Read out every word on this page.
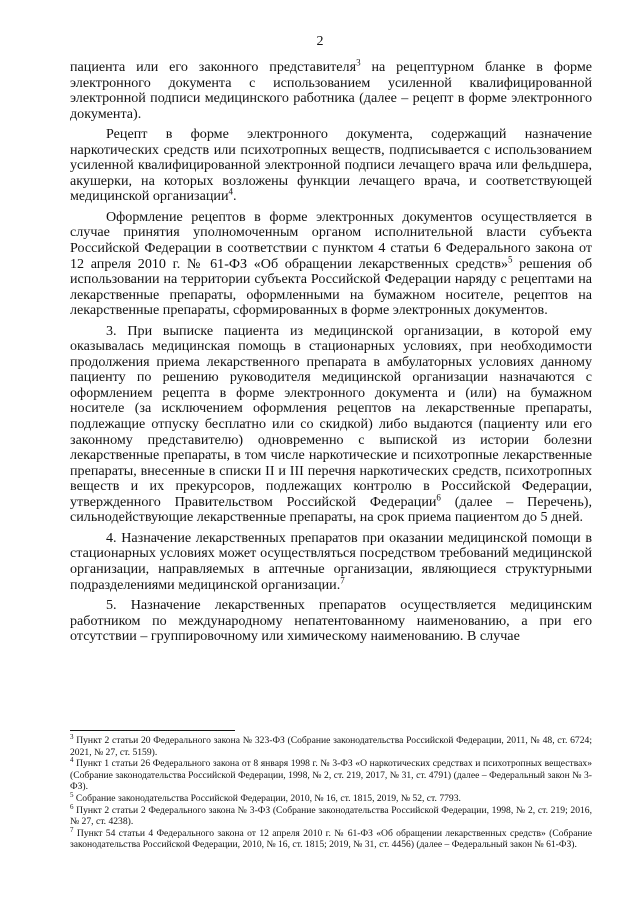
2

пациента или его законного представителя$^3$ на рецептурном бланке в форме электронного документа с использованием усиленной квалифицированной электронной подписи медицинского работника (далее – рецепт в форме электронного документа).

Рецепт в форме электронного документа, содержащий назначение наркотических средств или психотропных веществ, подписывается с использованием усиленной квалифицированной электронной подписи лечащего врача или фельдшера, акушерки, на которых возложены функции лечащего врача, и соответствующей медицинской организации$^4$.

Оформление рецептов в форме электронных документов осуществляется в случае принятия уполномоченным органом исполнительной власти субъекта Российской Федерации в соответствии с пунктом 4 статьи 6 Федерального закона от 12 апреля 2010 г. № 61-ФЗ «Об обращении лекарственных средств»$^5$ решения об использовании на территории субъекта Российской Федерации наряду с рецептами на лекарственные препараты, оформленными на бумажном носителе, рецептов на лекарственные препараты, сформированных в форме электронных документов.

3. При выписке пациента из медицинской организации, в которой ему оказывалась медицинская помощь в стационарных условиях, при необходимости продолжения приема лекарственного препарата в амбулаторных условиях данному пациенту по решению руководителя медицинской организации назначаются с оформлением рецепта в форме электронного документа и (или) на бумажном носителе (за исключением оформления рецептов на лекарственные препараты, подлежащие отпуску бесплатно или со скидкой) либо выдаются (пациенту или его законному представителю) одновременно с выпиской из истории болезни лекарственные препараты, в том числе наркотические и психотропные лекарственные препараты, внесенные в списки II и III перечня наркотических средств, психотропных веществ и их прекурсоров, подлежащих контролю в Российской Федерации, утвержденного Правительством Российской Федерации$^6$ (далее – Перечень), сильнодействующие лекарственные препараты, на срок приема пациентом до 5 дней.

4. Назначение лекарственных препаратов при оказании медицинской помощи в стационарных условиях может осуществляться посредством требований медицинской организации, направляемых в аптечные организации, являющиеся структурными подразделениями медицинской организации.$^7$

5. Назначение лекарственных препаратов осуществляется медицинским работником по международному непатентованному наименованию, а при его отсутствии – группировочному или химическому наименованию. В случае

$^3$ Пункт 2 статьи 20 Федерального закона № 323-ФЗ (Собрание законодательства Российской Федерации, 2011, № 48, ст. 6724; 2021, № 27, ст. 5159).

$^4$ Пункт 1 статьи 26 Федерального закона от 8 января 1998 г. № 3-ФЗ «О наркотических средствах и психотропных веществах» (Собрание законодательства Российской Федерации, 1998, № 2, ст. 219, 2017, № 31, ст. 4791) (далее – Федеральный закон № 3-ФЗ).

$^5$ Собрание законодательства Российской Федерации, 2010, № 16, ст. 1815, 2019, № 52, ст. 7793.

$^6$ Пункт 2 статьи 2 Федерального закона № 3-ФЗ (Собрание законодательства Российской Федерации, 1998, № 2, ст. 219; 2016, № 27, ст. 4238).

$^7$ Пункт 54 статьи 4 Федерального закона от 12 апреля 2010 г. № 61-ФЗ «Об обращении лекарственных средств» (Собрание законодательства Российской Федерации, 2010, № 16, ст. 1815; 2019, № 31, ст. 4456) (далее – Федеральный закон № 61-ФЗ).
